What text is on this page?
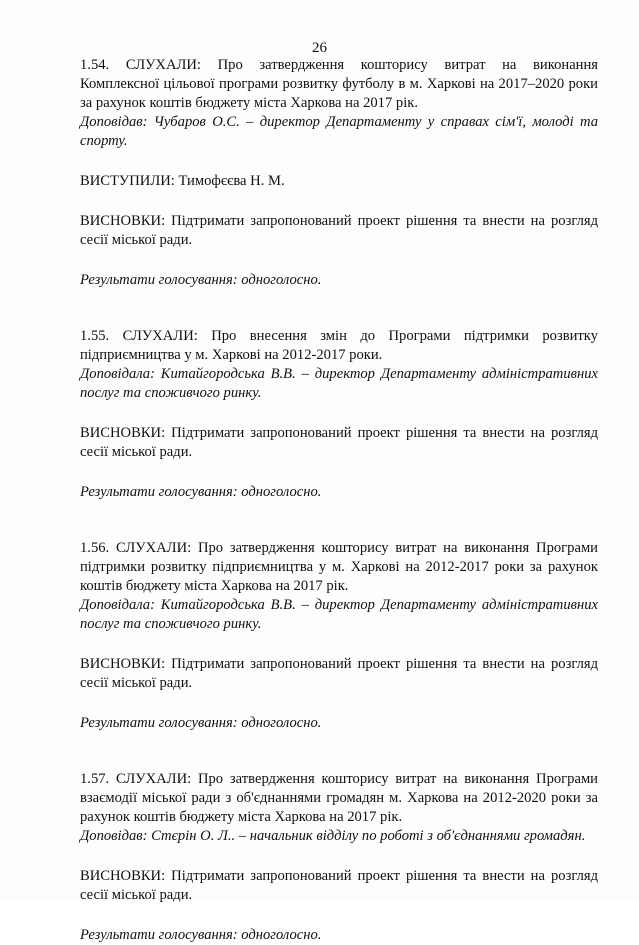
26

1.54. СЛУХАЛИ: Про затвердження кошторису витрат на виконання

Комплексної цільової програми розвитку футболу в м. Харкові на 2017–2020 роки за рахунок коштів бюджету міста Харкова на 2017 рік.

Доповідав: Чубаров О.С. – директор Департаменту у справах сім'ї, молоді та спорту.

ВИСТУПИЛИ: Тимофєєва Н. М.

ВИСНОВКИ: Підтримати запропонований проект рішення та внести на розгляд сесії міської ради.

Результати голосування: одноголосно.

1.55. СЛУХАЛИ: Про внесення змін до Програми підтримки розвитку

підприємництва у м. Харкові на 2012-2017 роки.

Доповідала: Китайгородська В.В. – директор Департаменту адміністративних послуг та споживчого ринку.

ВИСНОВКИ: Підтримати запропонований проект рішення та внести на розгляд сесії міської ради.

Результати голосування: одноголосно.

1.56. СЛУХАЛИ: Про затвердження кошторису витрат на виконання Програми

підтримки розвитку підприємництва у м. Харкові на 2012-2017 роки за рахунок коштів бюджету міста Харкова на 2017 рік.

Доповідала: Китайгородська В.В. – директор Департаменту адміністративних послуг та споживчого ринку.

ВИСНОВКИ: Підтримати запропонований проект рішення та внести на розгляд сесії міської ради.

Результати голосування: одноголосно.

1.57. СЛУХАЛИ: Про затвердження кошторису витрат на виконання Програми

взаємодії міської ради з об'єднаннями громадян м. Харкова на 2012-2020 роки за рахунок коштів бюджету міста Харкова на 2017 рік.

Доповідав: Стєрін О. Л.. – начальник відділу по роботі з об'єднаннями громадян.

ВИСНОВКИ: Підтримати запропонований проект рішення та внести на розгляд сесії міської ради.

Результати голосування: одноголосно.
